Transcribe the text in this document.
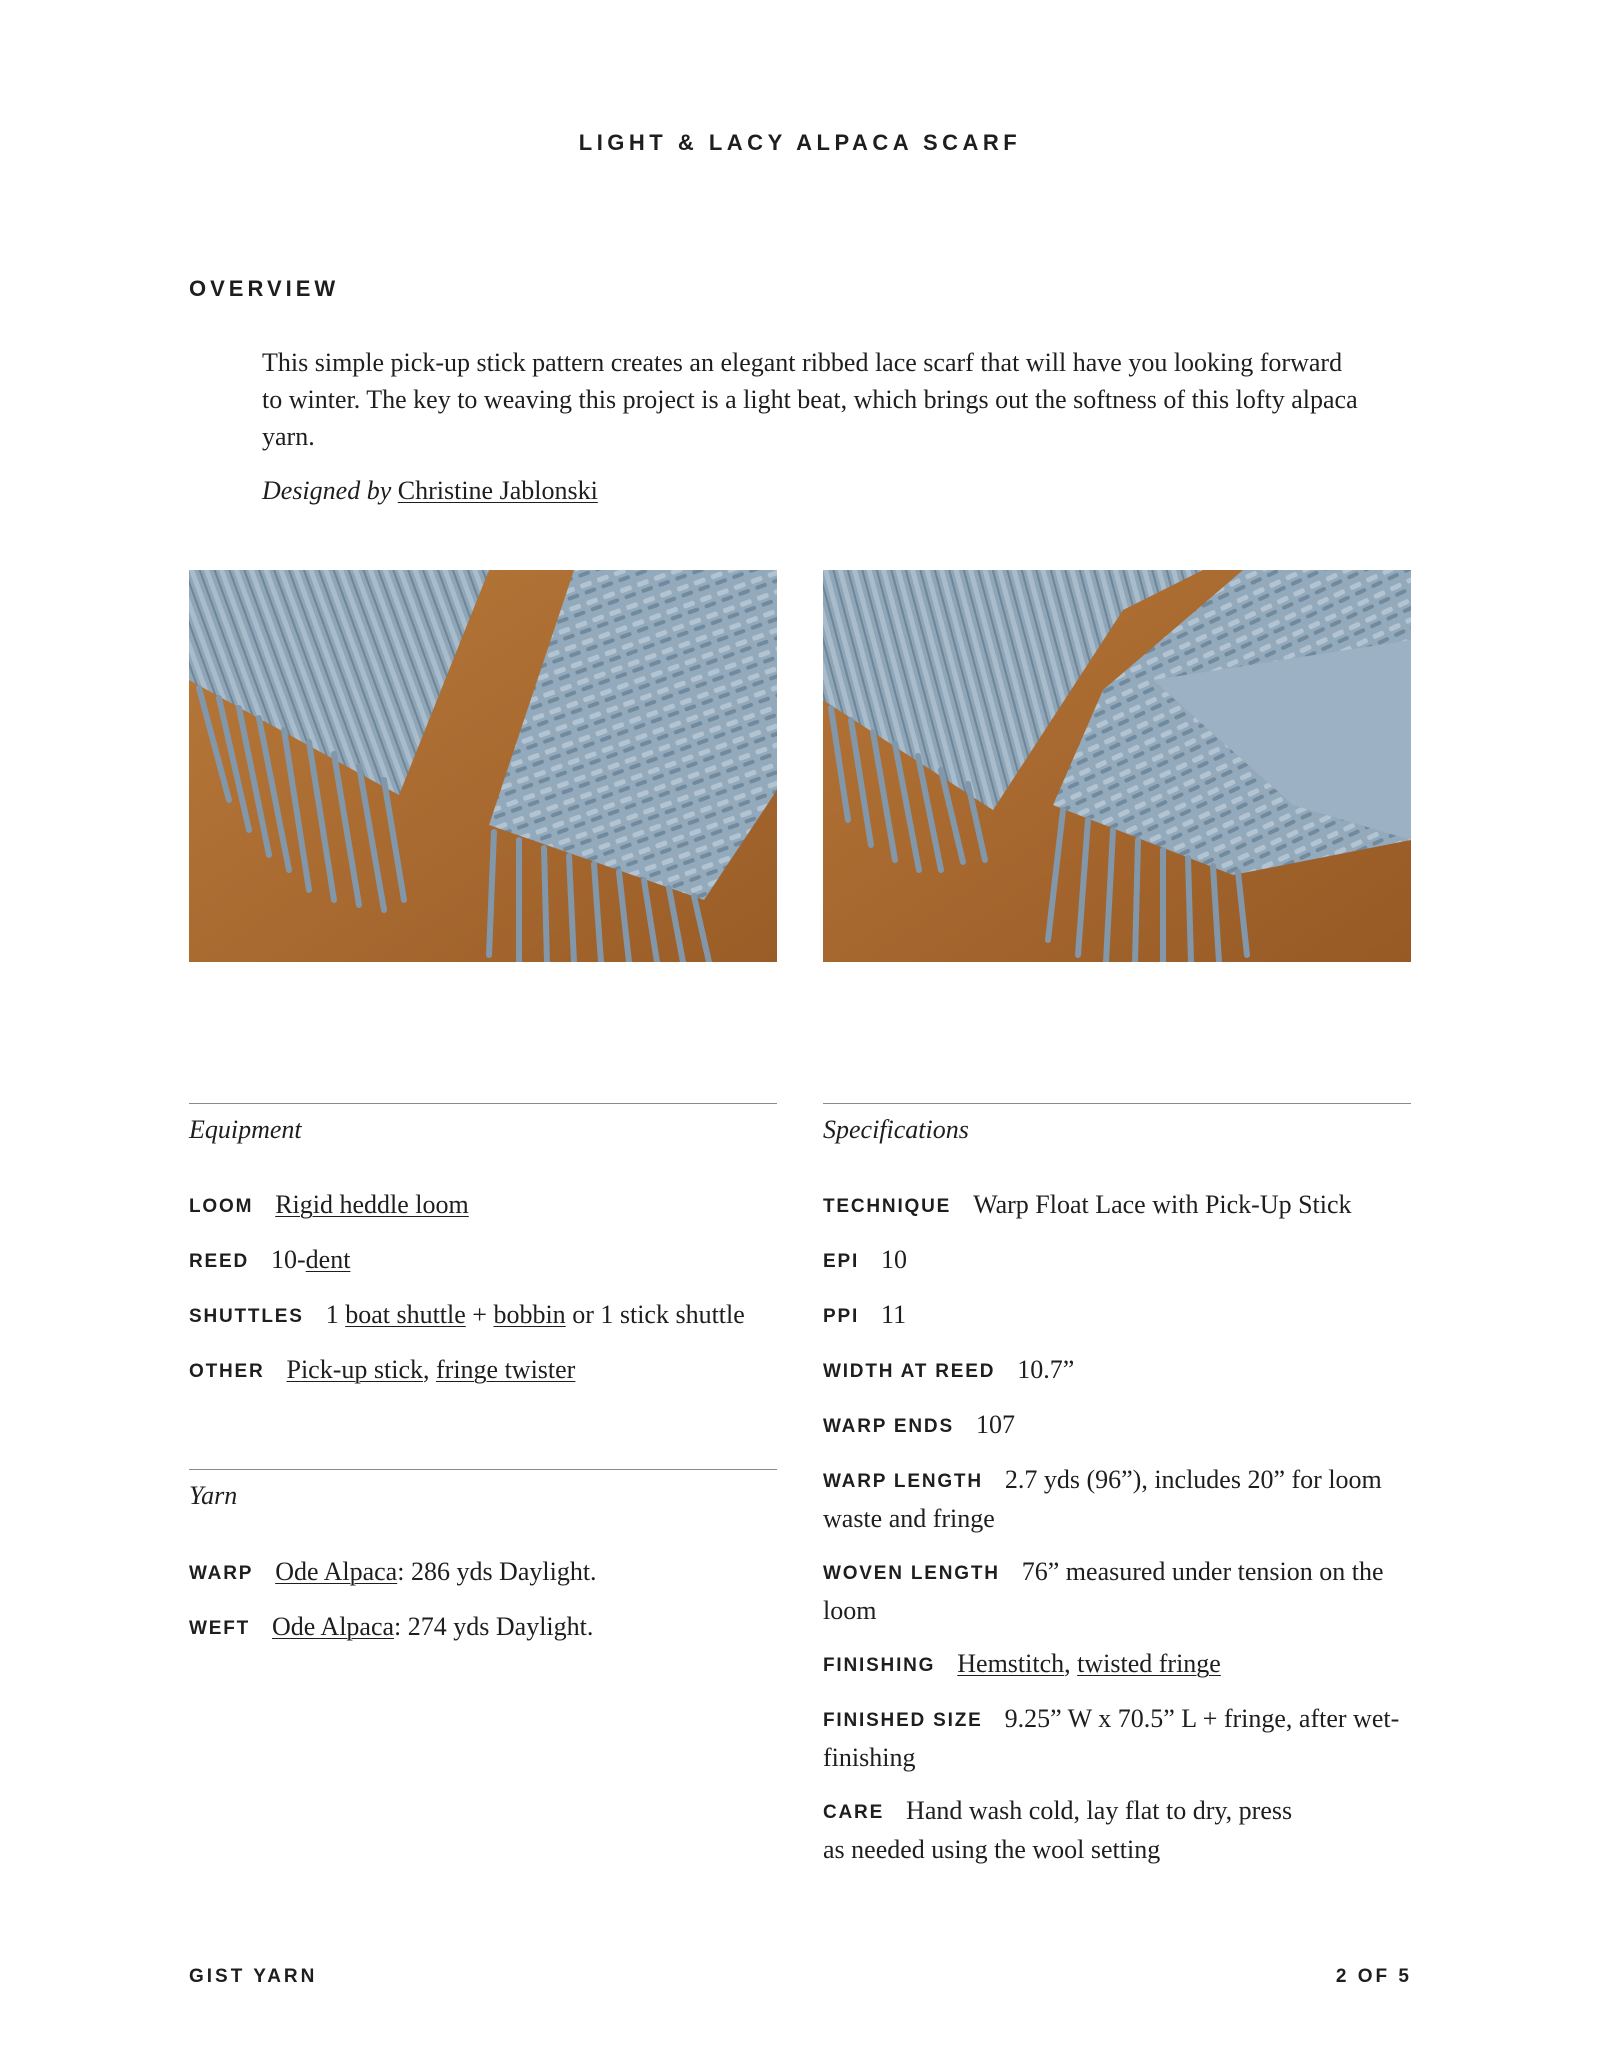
LIGHT & LACY ALPACA SCARF
OVERVIEW

This simple pick-up stick pattern creates an elegant ribbed lace scarf that will have you looking forward to winter. The key to weaving this project is a light beat, which brings out the softness of this lofty alpaca yarn.

Designed by Christine Jablonski
Equipment
LOOM Rigid heddle loom
REED 10-dent
SHUTTLES 1 boat shuttle + bobbin or 1 stick shuttle
OTHER Pick-up stick, fringe twister
Yarn
WARP Ode Alpaca: 286 yds Daylight.
WEFT Ode Alpaca: 274 yds Daylight.
Specifications
TECHNIQUE Warp Float Lace with Pick-Up Stick
EPI 10
PPI 11
WIDTH AT REED 10.7”
WARP ENDS 107
WARP LENGTH 2.7 yds (96”), includes 20” for loom
waste and fringe
WOVEN LENGTH 76” measured under tension on the
loom
FINISHING Hemstitch, twisted fringe
FINISHED SIZE 9.25” W x 70.5” L + fringe, after wet-
finishing
CARE Hand wash cold, lay flat to dry, press
as needed using the wool setting
GIST YARN	2 OF 5
